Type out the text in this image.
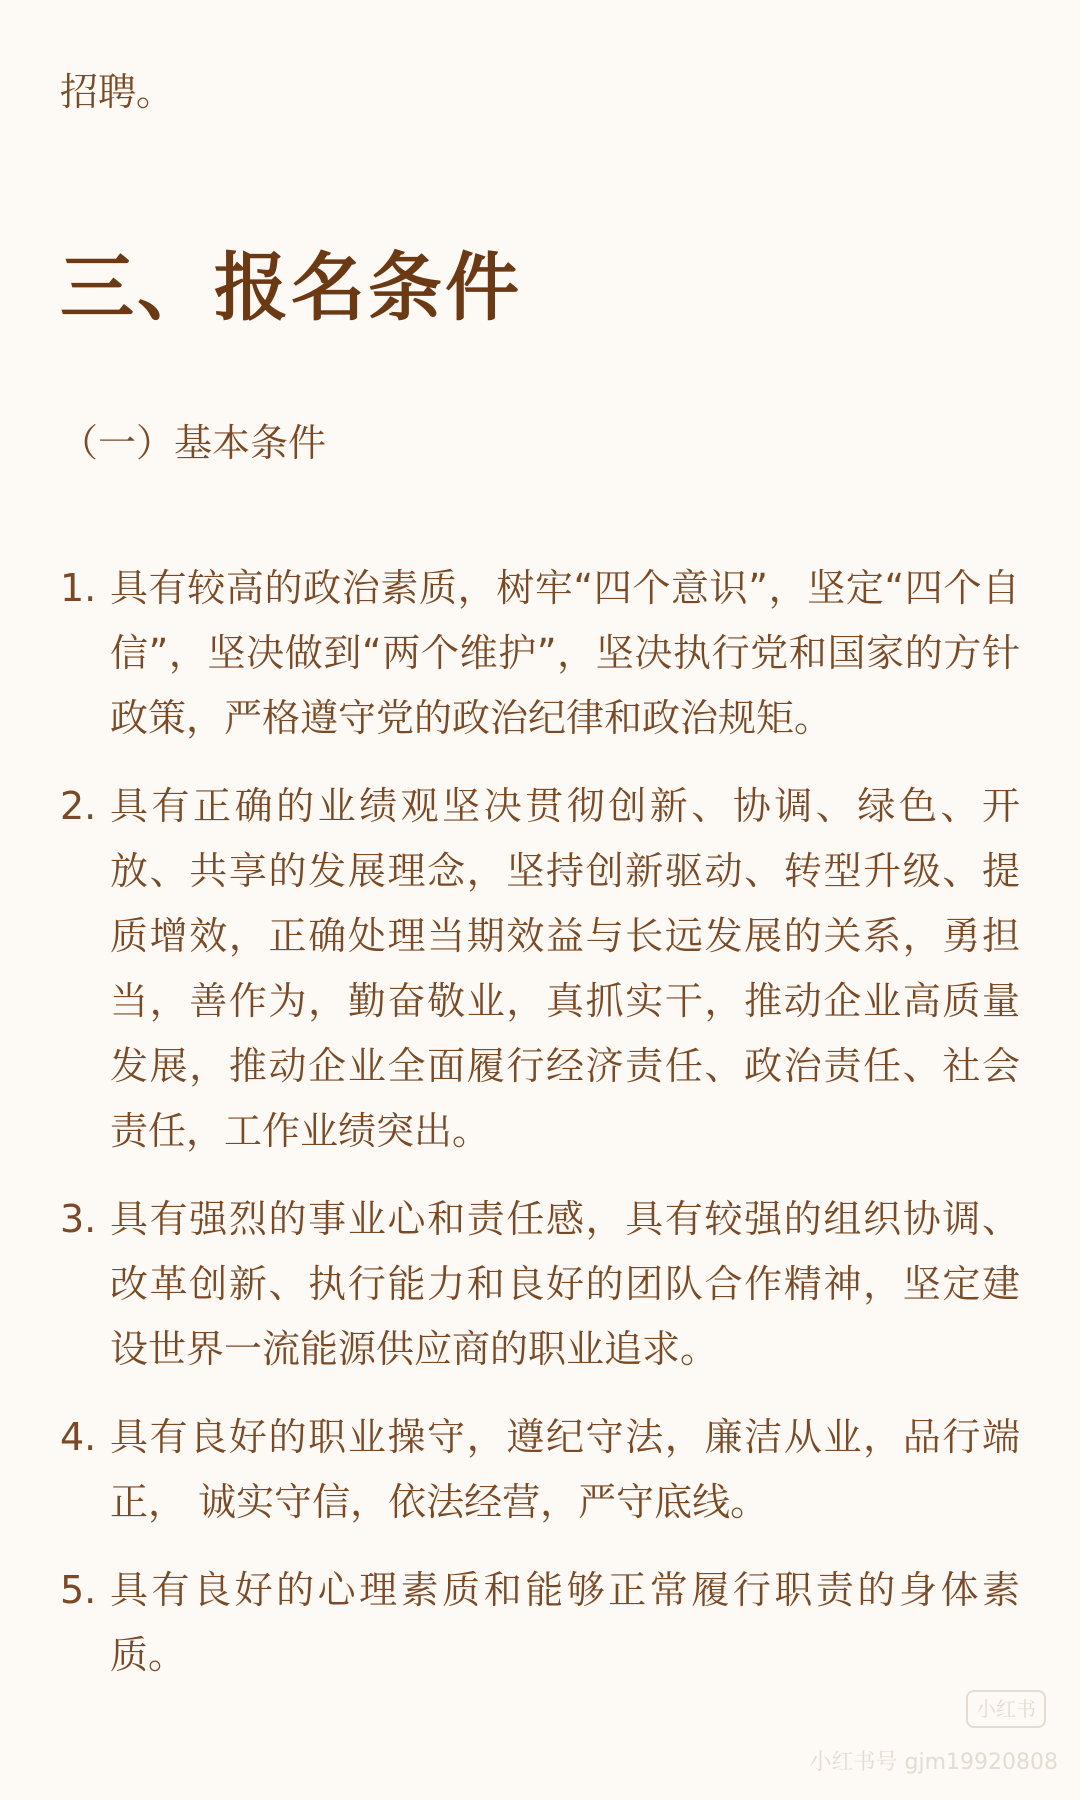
招聘。
三、报名条件
（一）基本条件
1. 具有较高的政治素质，树牢“四个意识”，坚定“四个自信”，坚决做到“两个维护”，坚决执行党和国家的方针政策，严格遵守党的政治纪律和政治规矩。
2. 具有正确的业绩观坚决贯彻创新、协调、绿色、开放、共享的发展理念，坚持创新驱动、转型升级、提质增效，正确处理当期效益与长远发展的关系，勇担当，善作为，勤奋敬业，真抓实干，推动企业高质量发展，推动企业全面履行经济责任、政治责任、社会责任，工作业绩突出。
3. 具有强烈的事业心和责任感，具有较强的组织协调、改革创新、执行能力和良好的团队合作精神，坚定建设世界一流能源供应商的职业追求。
4. 具有良好的职业操守，遵纪守法，廉洁从业，品行端正， 诚实守信，依法经营，严守底线。
5. 具有良好的心理素质和能够正常履行职责的身体素质。
小红书
小红书号 gjm19920808
